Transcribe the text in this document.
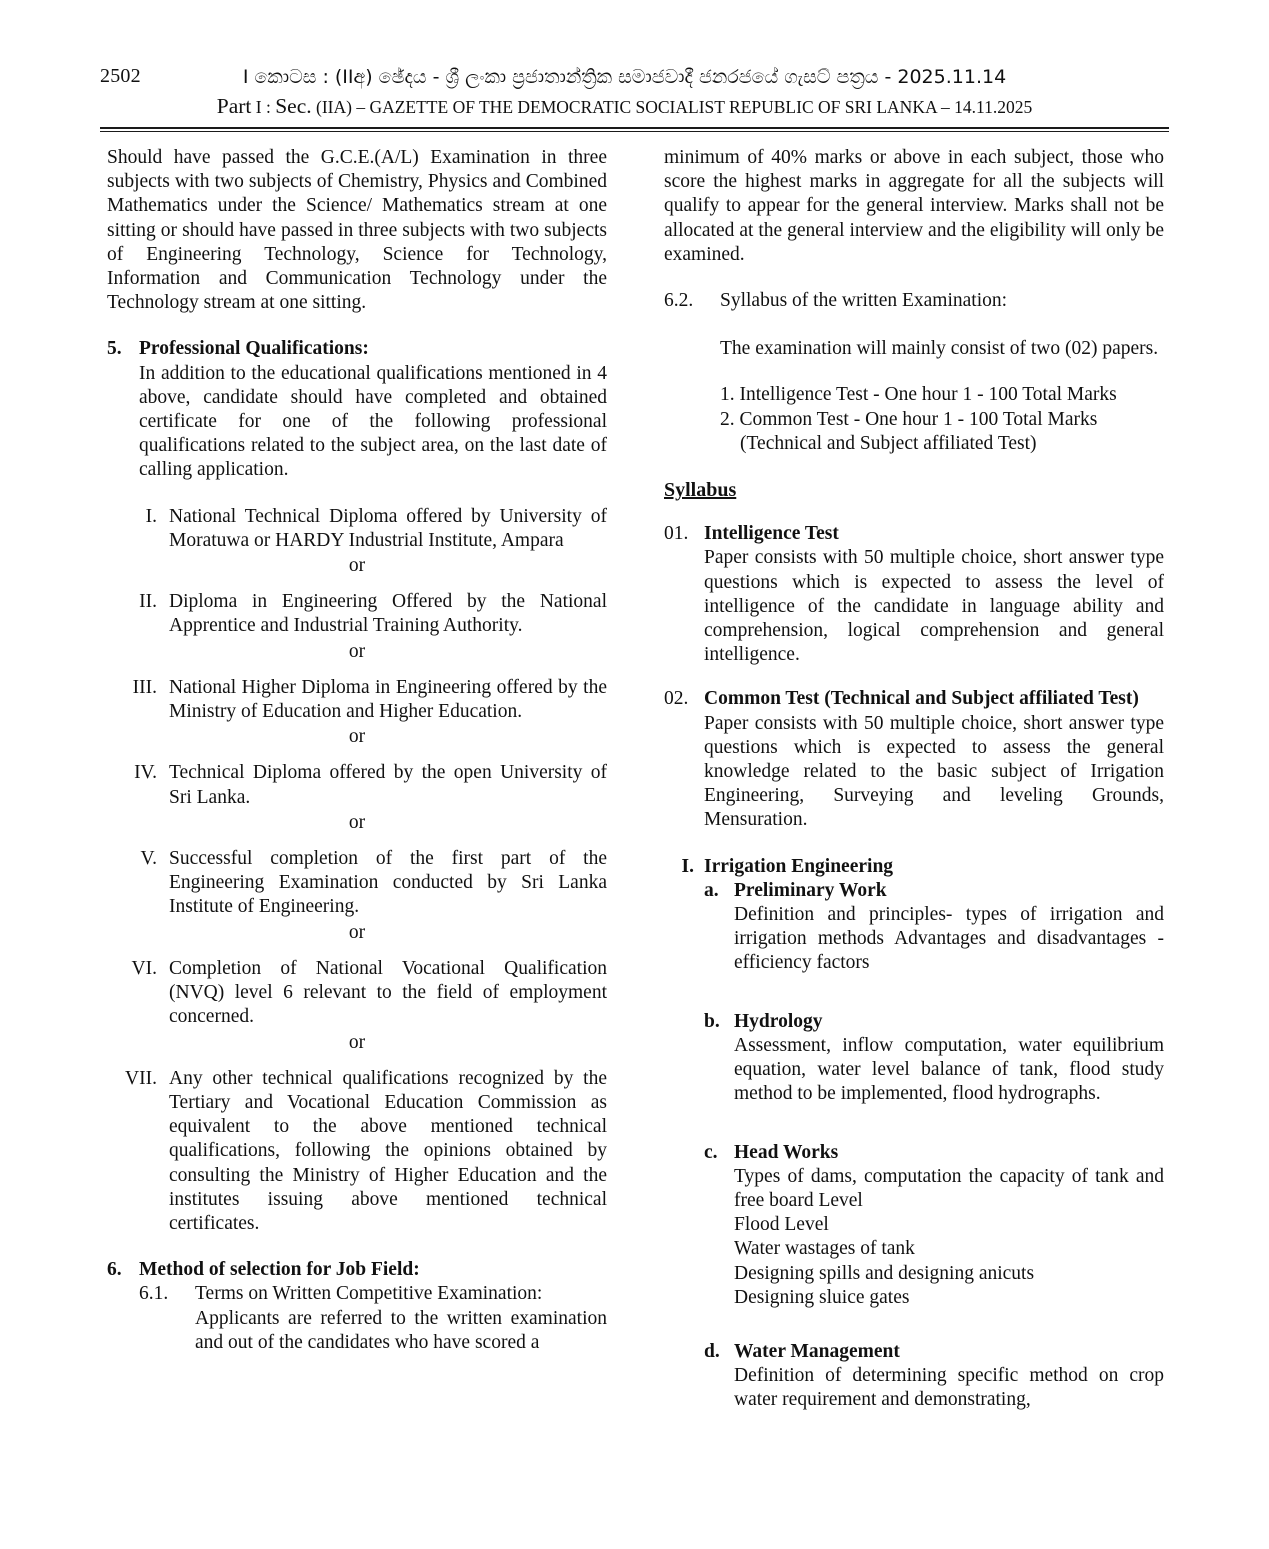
2502	I කොටස : (IIඅ) ඡේදය - ශ්‍රී ලංකා ප්‍රජාතාන්ත්‍රික සමාජවාදී ජනරජයේ ගැසට් පත්‍රය - 2025.11.14
Part I : Sec. (IIA) – GAZETTE OF THE DEMOCRATIC SOCIALIST REPUBLIC OF SRI LANKA – 14.11.2025

Should have passed the G.C.E.(A/L) Examination in three subjects with two subjects of Chemistry, Physics and Combined Mathematics under the Science/ Mathematics stream at one sitting or should have passed in three subjects with two subjects of Engineering Technology, Science for Technology, Information and Communication Technology under the Technology stream at one sitting.

5. Professional Qualifications:
In addition to the educational qualifications mentioned in 4 above, candidate should have completed and obtained certificate for one of the following professional qualifications related to the subject area, on the last date of calling application.
I. National Technical Diploma offered by University of Moratuwa or HARDY Industrial Institute, Ampara
or
II. Diploma in Engineering Offered by the National Apprentice and Industrial Training Authority.
or
III. National Higher Diploma in Engineering offered by the Ministry of Education and Higher Education.
or
IV. Technical Diploma offered by the open University of Sri Lanka.
or
V. Successful completion of the first part of the Engineering Examination conducted by Sri Lanka Institute of Engineering.
or
VI. Completion of National Vocational Qualification (NVQ) level 6 relevant to the field of employment concerned.
or
VII. Any other technical qualifications recognized by the Tertiary and Vocational Education Commission as equivalent to the above mentioned technical qualifications, following the opinions obtained by consulting the Ministry of Higher Education and the institutes issuing above mentioned technical certificates.
6. Method of selection for Job Field:
6.1.	Terms on Written Competitive Examination:
Applicants are referred to the written examination and out of the candidates who have scored a

minimum of 40% marks or above in each subject, those who score the highest marks in aggregate for all the subjects will qualify to appear for the general interview. Marks shall not be allocated at the general interview and the eligibility will only be examined.

6.2.	Syllabus of the written Examination:
The examination will mainly consist of two (02) papers.
1. Intelligence Test - One hour 1 - 100 Total Marks
2. Common Test - One hour 1 - 100 Total Marks
(Technical and Subject affiliated Test)
Syllabus
01. Intelligence Test
Paper consists with 50 multiple choice, short answer type questions which is expected to assess the level of intelligence of the candidate in language ability and comprehension, logical comprehension and general intelligence.
02. Common Test (Technical and Subject affiliated Test)
Paper consists with 50 multiple choice, short answer type questions which is expected to assess the general knowledge related to the basic subject of Irrigation Engineering, Surveying and leveling Grounds, Mensuration.
I. Irrigation Engineering
a. Preliminary Work
Definition and principles- types of irrigation and irrigation methods Advantages and disadvantages -efficiency factors
b. Hydrology
Assessment, inflow computation, water equilibrium equation, water level balance of tank, flood study method to be implemented, flood hydrographs.
c. Head Works
Types of dams, computation the capacity of tank and free board Level
Flood Level
Water wastages of tank
Designing spills and designing anicuts
Designing sluice gates
d. Water Management
Definition of determining specific method on crop water requirement and demonstrating,
